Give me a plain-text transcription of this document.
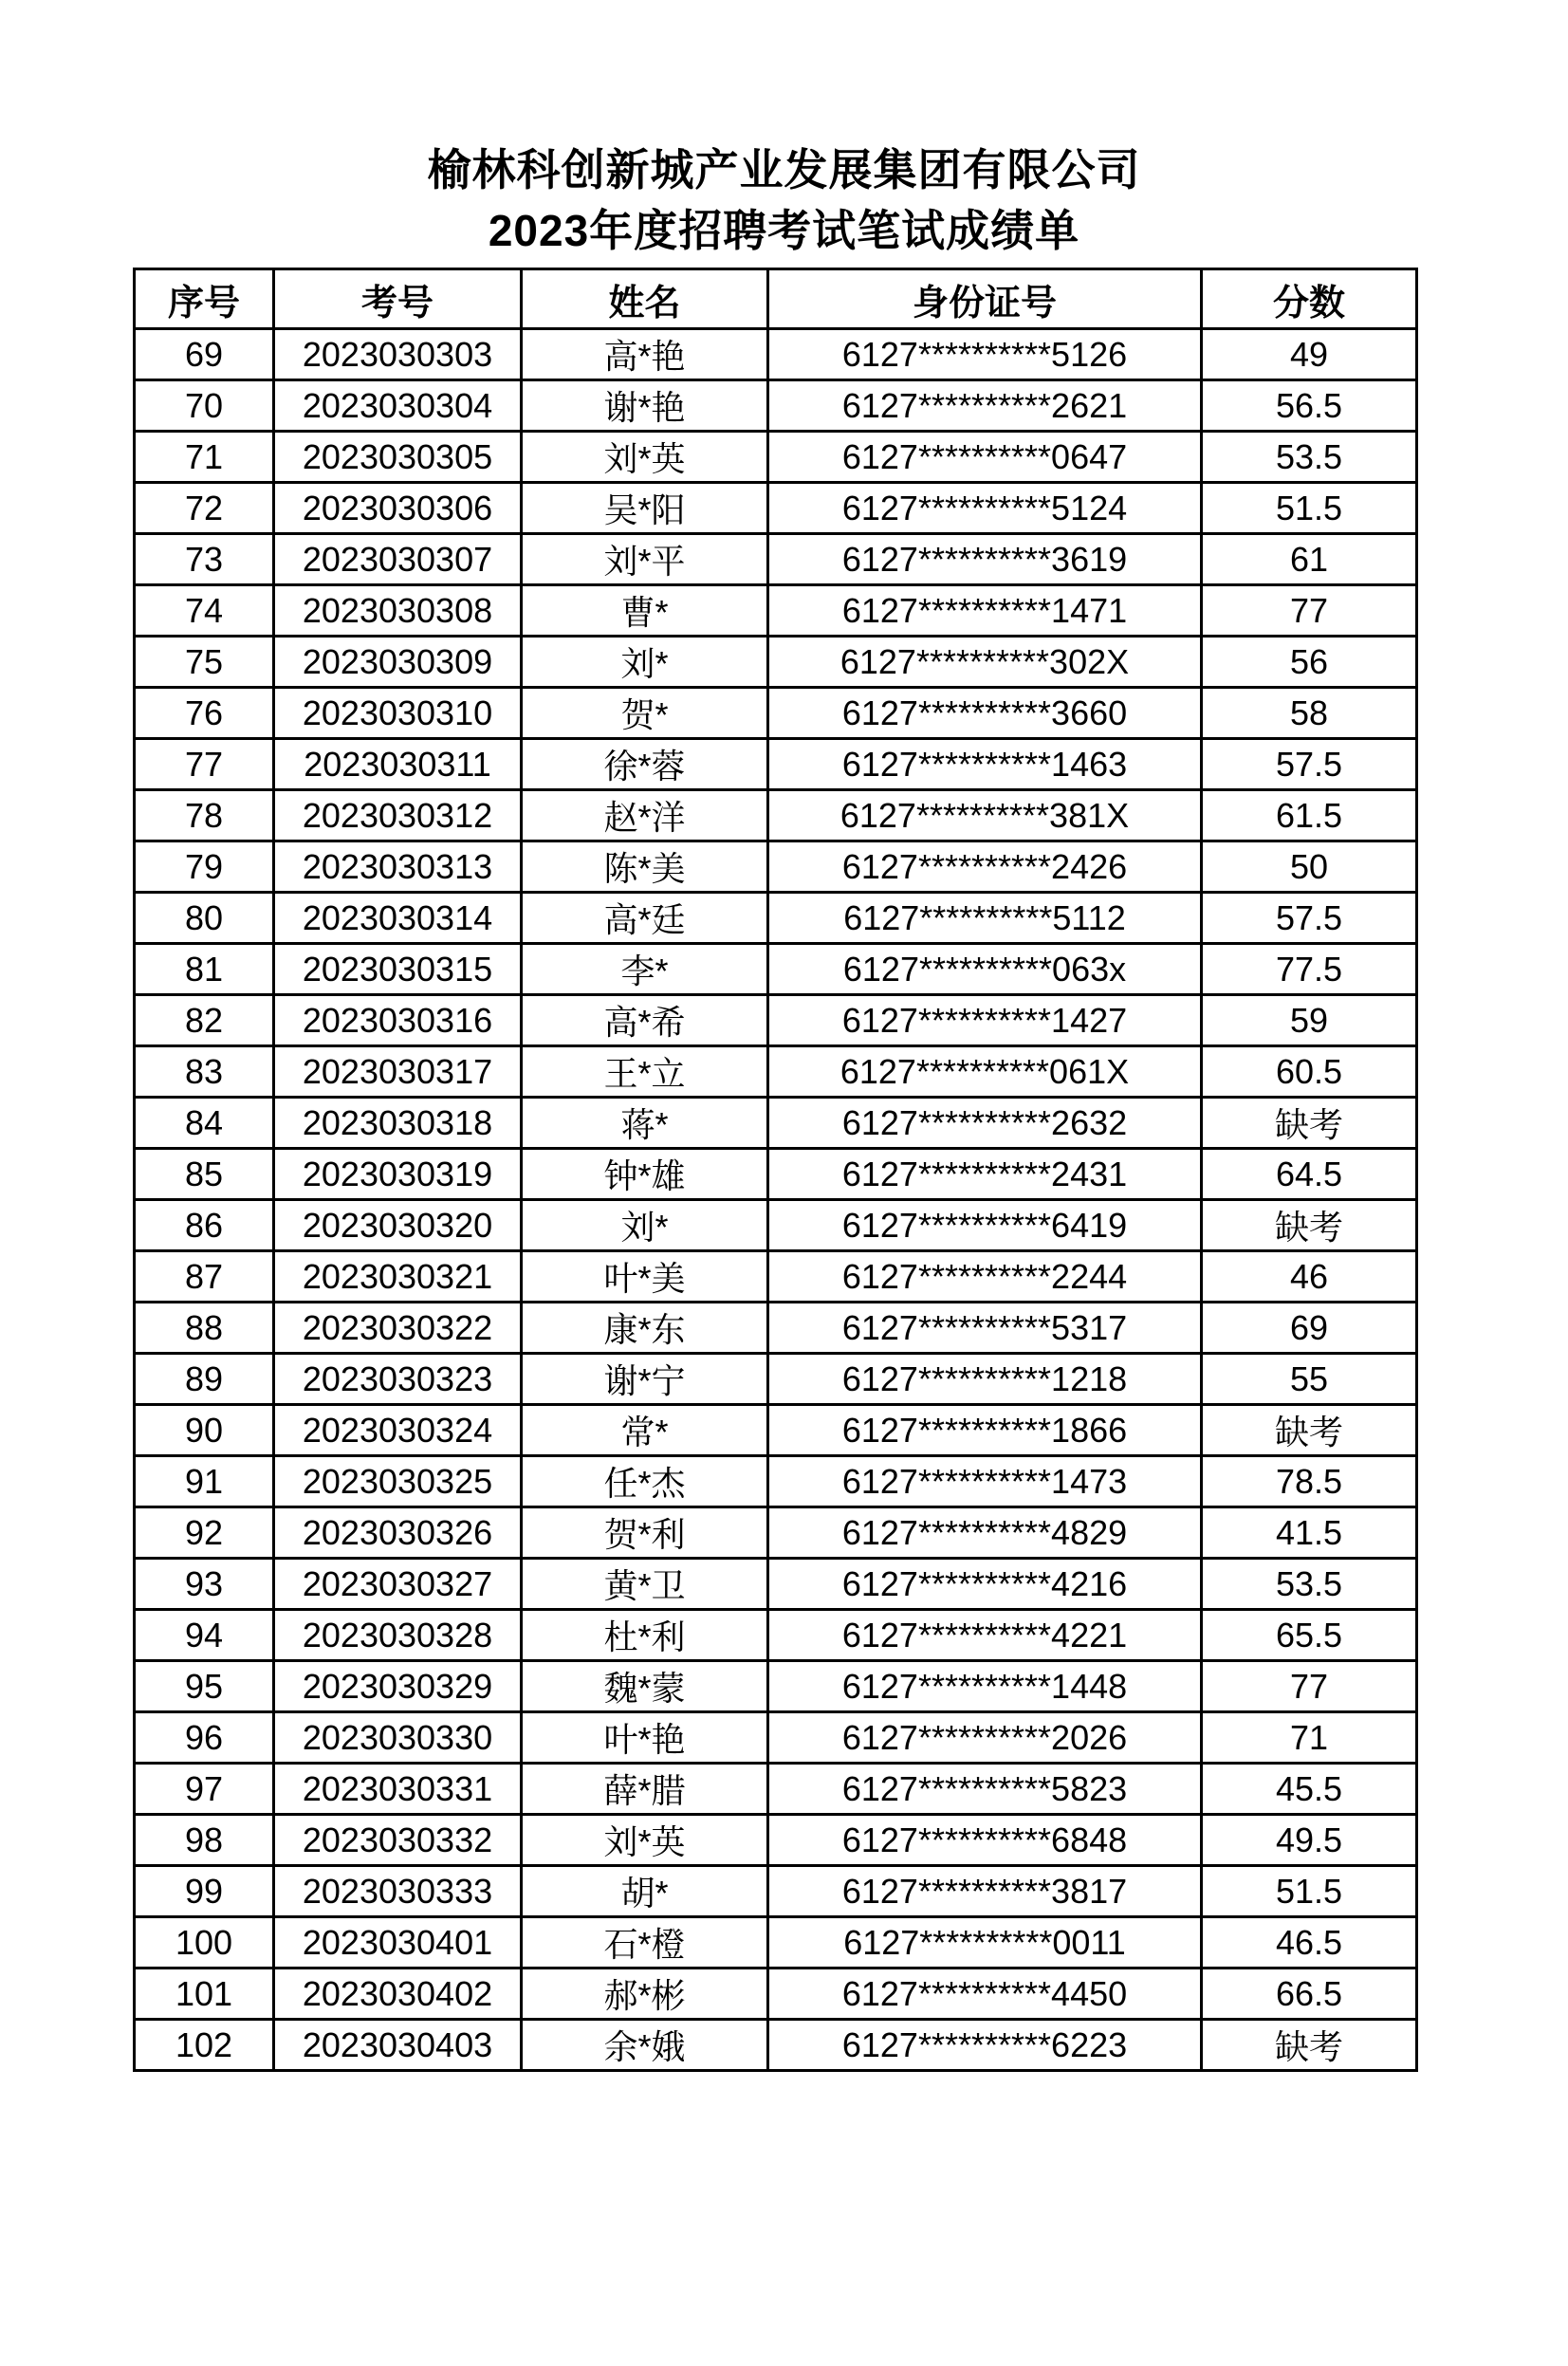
榆林科创新城产业发展集团有限公司
2023年度招聘考试笔试成绩单
序号	考号	姓名	身份证号	分数
69	2023030303	高*艳	6127**********5126	49
70	2023030304	谢*艳	6127**********2621	56.5
71	2023030305	刘*英	6127**********0647	53.5
72	2023030306	吴*阳	6127**********5124	51.5
73	2023030307	刘*平	6127**********3619	61
74	2023030308	曹*	6127**********1471	77
75	2023030309	刘*	6127**********302X	56
76	2023030310	贺*	6127**********3660	58
77	2023030311	徐*蓉	6127**********1463	57.5
78	2023030312	赵*洋	6127**********381X	61.5
79	2023030313	陈*美	6127**********2426	50
80	2023030314	高*廷	6127**********5112	57.5
81	2023030315	李*	6127**********063x	77.5
82	2023030316	高*希	6127**********1427	59
83	2023030317	王*立	6127**********061X	60.5
84	2023030318	蒋*	6127**********2632	缺考
85	2023030319	钟*雄	6127**********2431	64.5
86	2023030320	刘*	6127**********6419	缺考
87	2023030321	叶*美	6127**********2244	46
88	2023030322	康*东	6127**********5317	69
89	2023030323	谢*宁	6127**********1218	55
90	2023030324	常*	6127**********1866	缺考
91	2023030325	任*杰	6127**********1473	78.5
92	2023030326	贺*利	6127**********4829	41.5
93	2023030327	黄*卫	6127**********4216	53.5
94	2023030328	杜*利	6127**********4221	65.5
95	2023030329	魏*蒙	6127**********1448	77
96	2023030330	叶*艳	6127**********2026	71
97	2023030331	薛*腊	6127**********5823	45.5
98	2023030332	刘*英	6127**********6848	49.5
99	2023030333	胡*	6127**********3817	51.5
100	2023030401	石*橙	6127**********0011	46.5
101	2023030402	郝*彬	6127**********4450	66.5
102	2023030403	余*娥	6127**********6223	缺考
